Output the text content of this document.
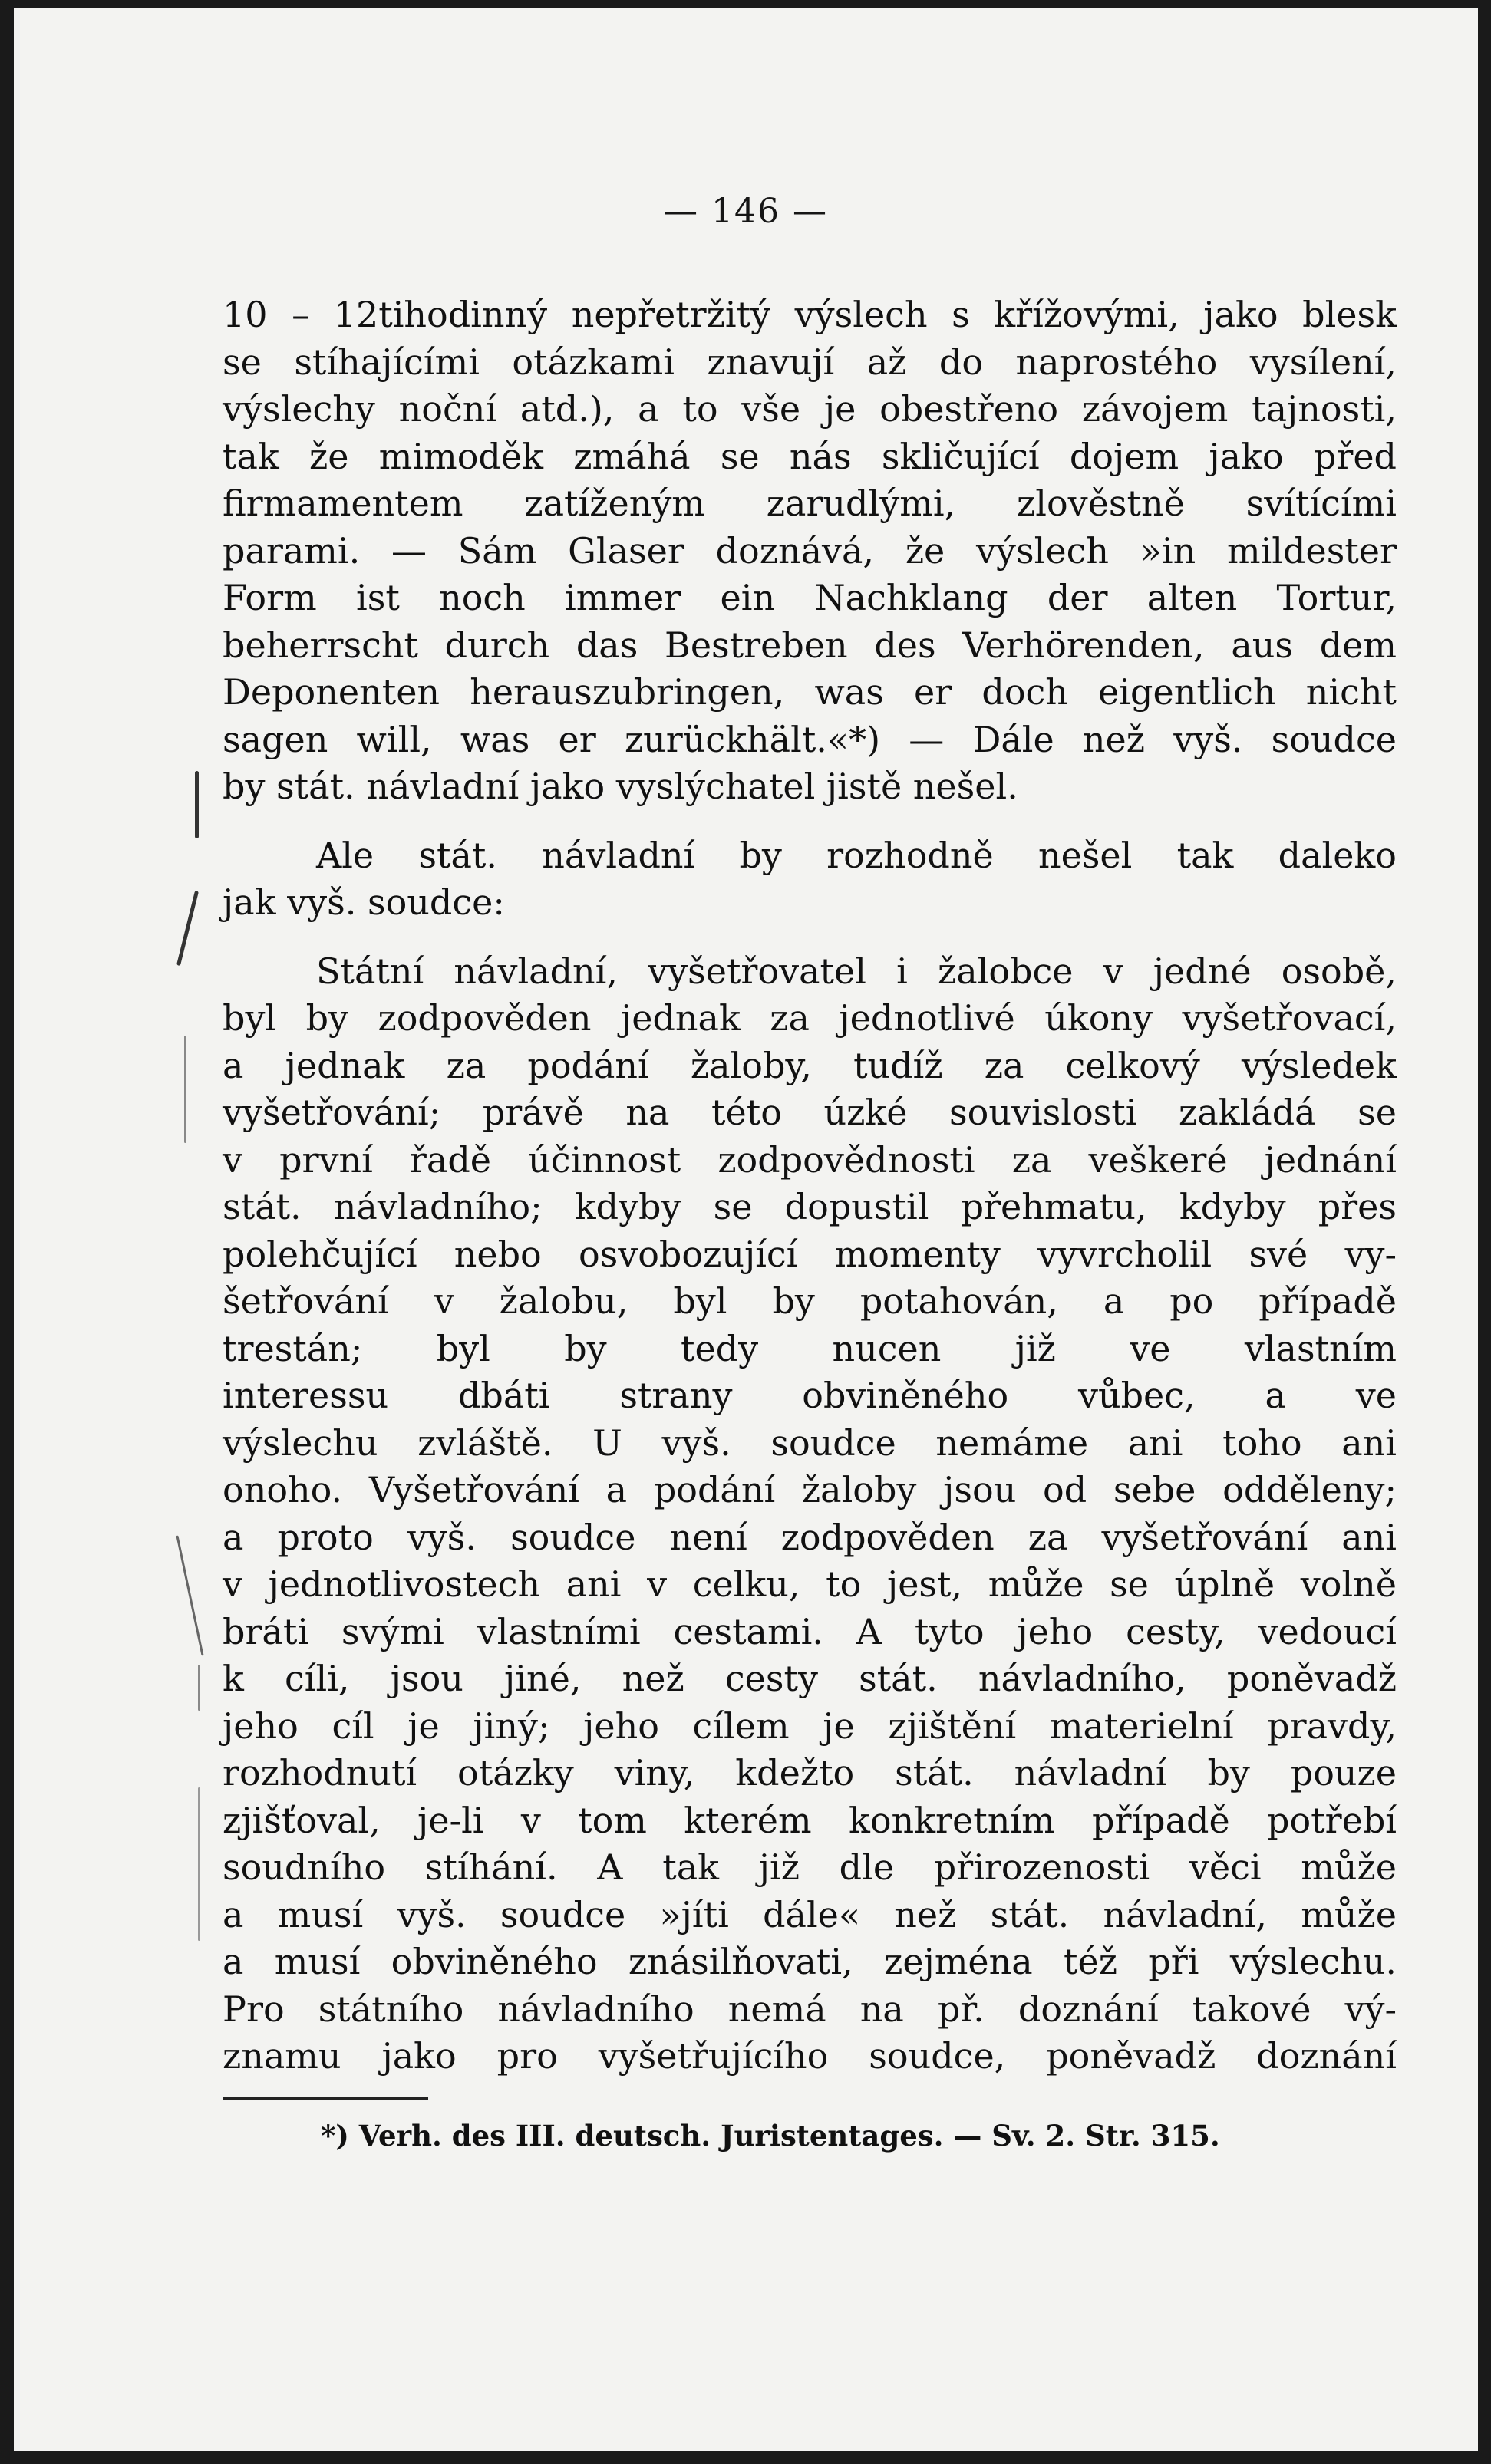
— 146 —
10 – 12tihodinný nepřetržitý výslech s křížovými, jako blesk
se stíhajícími otázkami znavují až do naprostého vysílení,
výslechy noční atd.), a to vše je obestřeno závojem tajnosti,
tak že mimoděk zmáhá se nás skličující dojem jako před
firmamentem zatíženým zarudlými, zlověstně svítícími
parami. — Sám Glaser doznává, že výslech »in mildester
Form ist noch immer ein Nachklang der alten Tortur,
beherrscht durch das Bestreben des Verhörenden, aus dem
Deponenten herauszubringen, was er doch eigentlich nicht
sagen will, was er zurückhält.«*) — Dále než vyš. soudce
by stát. návladní jako vyslýchatel jistě nešel.
Ale stát. návladní by rozhodně nešel tak daleko
jak vyš. soudce:
Státní návladní, vyšetřovatel i žalobce v jedné osobě,
byl by zodpověden jednak za jednotlivé úkony vyšetřovací,
a jednak za podání žaloby, tudíž za celkový výsledek
vyšetřování; právě na této úzké souvislosti zakládá se
v první řadě účinnost zodpovědnosti za veškeré jednání
stát. návladního; kdyby se dopustil přehmatu, kdyby přes
polehčující nebo osvobozující momenty vyvrcholil své vy-
šetřování v žalobu, byl by potahován, a po případě
trestán; byl by tedy nucen již ve vlastním
interessu dbáti strany obviněného vůbec, a ve
výslechu zvláště. U vyš. soudce nemáme ani toho ani
onoho. Vyšetřování a podání žaloby jsou od sebe odděleny;
a proto vyš. soudce není zodpověden za vyšetřování ani
v jednotlivostech ani v celku, to jest, může se úplně volně
bráti svými vlastními cestami. A tyto jeho cesty, vedoucí
k cíli, jsou jiné, než cesty stát. návladního, poněvadž
jeho cíl je jiný; jeho cílem je zjištění materielní pravdy,
rozhodnutí otázky viny, kdežto stát. návladní by pouze
zjišťoval, je-li v tom kterém konkretním případě potřebí
soudního stíhání. A tak již dle přirozenosti věci může
a musí vyš. soudce »jíti dále« než stát. návladní, může
a musí obviněného znásilňovati, zejména též při výslechu.
Pro státního návladního nemá na př. doznání takové vý-
znamu jako pro vyšetřujícího soudce, poněvadž doznání
*) Verh. des III. deutsch. Juristentages. — Sv. 2. Str. 315.
